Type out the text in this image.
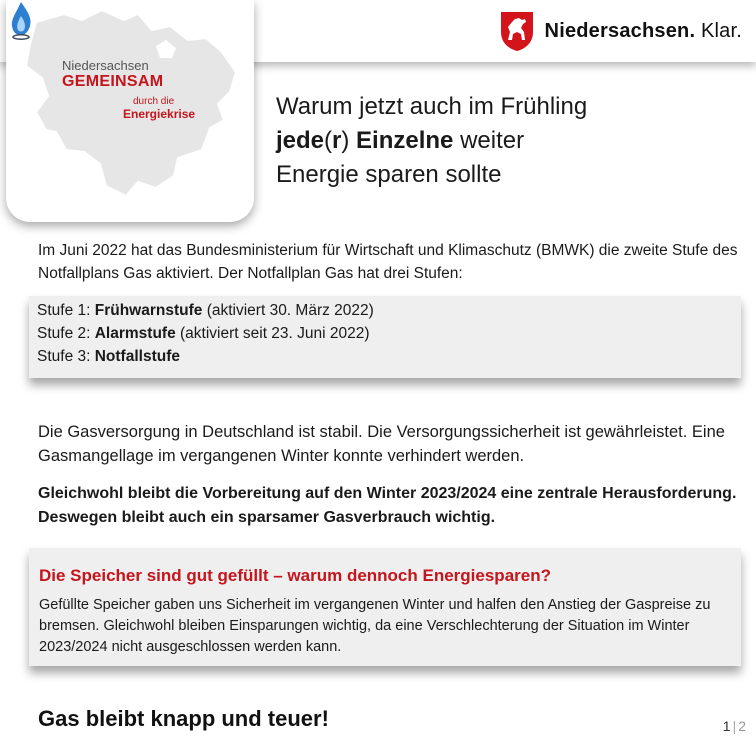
Niedersachsen. Klar.
Niedersachsen
GEMEINSAM
durch die
Energiekrise	Warum jetzt auch im Frühling
jede(r) Einzelne weiter
Energie sparen sollte
Im Juni 2022 hat das Bundesministerium für Wirtschaft und Klimaschutz (BMWK) die zweite Stufe des Notfallplans Gas aktiviert. Der Notfallplan Gas hat drei Stufen:
Stufe 1: Frühwarnstufe (aktiviert 30. März 2022)
Stufe 2: Alarmstufe (aktiviert seit 23. Juni 2022)
Stufe 3: Notfallstufe
Die Gasversorgung in Deutschland ist stabil. Die Versorgungssicherheit ist gewährleistet. Eine Gasmangellage im vergangenen Winter konnte verhindert werden.
Gleichwohl bleibt die Vorbereitung auf den Winter 2023/2024 eine zentrale Herausforderung. Deswegen bleibt auch ein sparsamer Gasverbrauch wichtig.
Die Speicher sind gut gefüllt – warum dennoch Energiesparen?
Gefüllte Speicher gaben uns Sicherheit im vergangenen Winter und halfen den Anstieg der Gaspreise zu bremsen. Gleichwohl bleiben Einsparungen wichtig, da eine Verschlechterung der Situation im Winter 2023/2024 nicht ausgeschlossen werden kann.
Gas bleibt knapp und teuer!	1 | 2
